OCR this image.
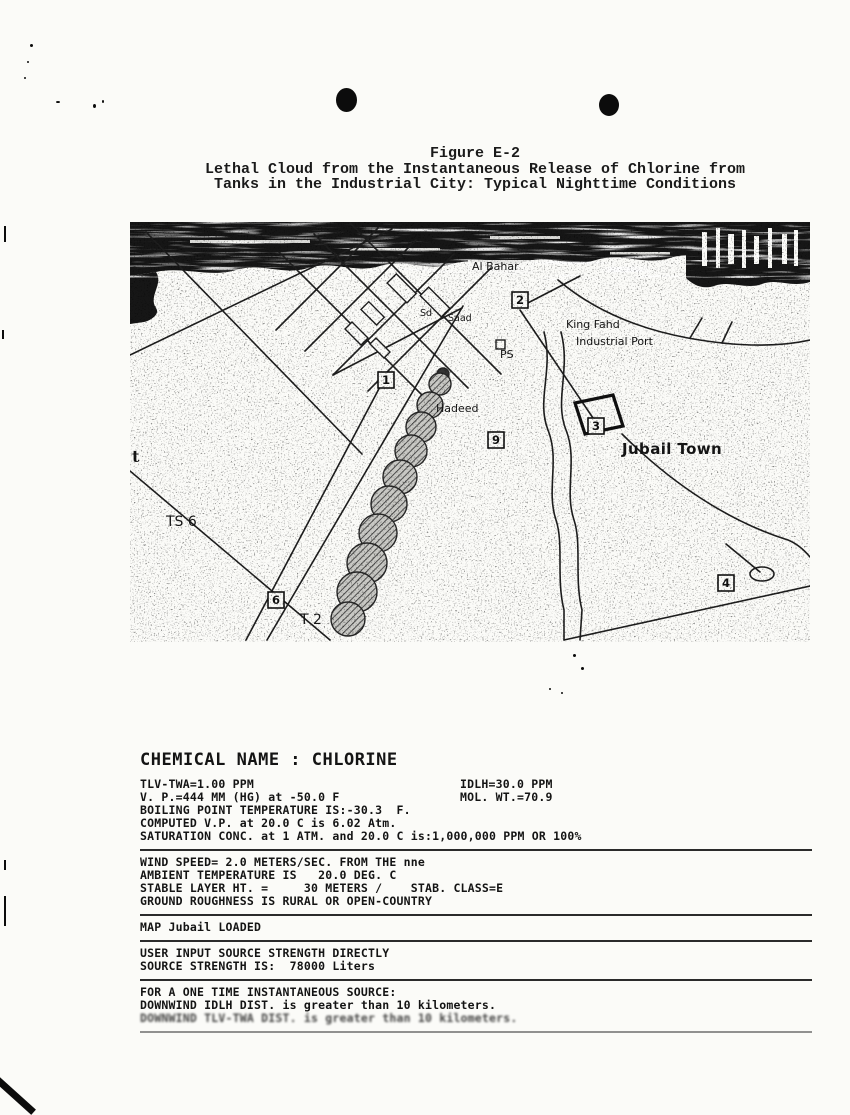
Figure E-2
Lethal Cloud from the Instantaneous Release of Chlorine from
Tanks in the Industrial City: Typical Nighttime Conditions
CHEMICAL NAME : CHLORINE
TLV-TWA=1.00 PPM
V. P.=444 MM (HG) at -50.0 F
BOILING POINT TEMPERATURE IS:-30.3  F.
COMPUTED V.P. at 20.0 C is 6.02 Atm.
SATURATION CONC. at 1 ATM. and 20.0 C is:1,000,000 PPM OR 100%
IDLH=30.0 PPM
MOL. WT.=70.9
WIND SPEED= 2.0 METERS/SEC. FROM THE nne
AMBIENT TEMPERATURE IS   20.0 DEG. C
STABLE LAYER HT. =     30 METERS /    STAB. CLASS=E
GROUND ROUGHNESS IS RURAL OR OPEN-COUNTRY
MAP Jubail LOADED
USER INPUT SOURCE STRENGTH DIRECTLY
SOURCE STRENGTH IS:  78000 Liters
FOR A ONE TIME INSTANTANEOUS SOURCE:
DOWNWIND IDLH DIST. is greater than 10 kilometers.
DOWNWIND TLV-TWA DIST. is greater than 10 kilometers.
